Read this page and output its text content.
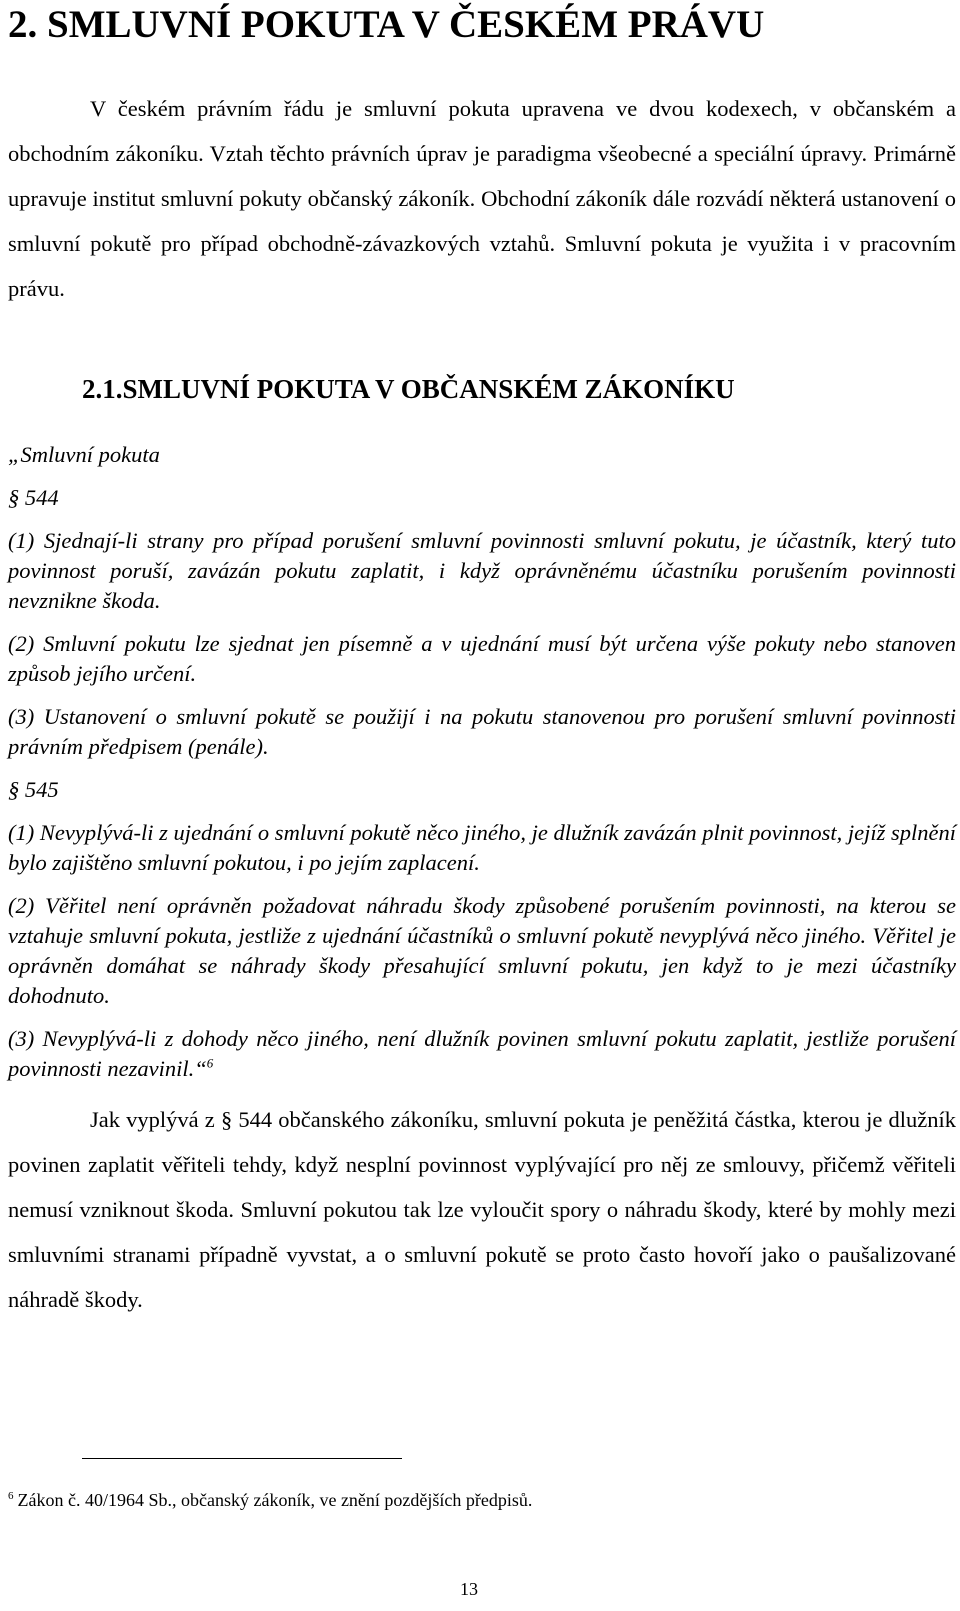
2. SMLUVNÍ POKUTA V ČESKÉM PRÁVU
V českém právním řádu je smluvní pokuta upravena ve dvou kodexech, v občanském a obchodním zákoníku. Vztah těchto právních úprav je paradigma všeobecné a speciální úpravy. Primárně upravuje institut smluvní pokuty občanský zákoník. Obchodní zákoník dále rozvádí některá ustanovení o smluvní pokutě pro případ obchodně-závazkových vztahů. Smluvní pokuta je využita i v pracovním právu.
2.1.SMLUVNÍ POKUTA V OBČANSKÉM ZÁKONÍKU

„Smluvní pokuta

§ 544

(1) Sjednají-li strany pro případ porušení smluvní povinnosti smluvní pokutu, je účastník, který tuto povinnost poruší, zavázán pokutu zaplatit, i když oprávněnému účastníku porušením povinnosti nevznikne škoda.

(2) Smluvní pokutu lze sjednat jen písemně a v ujednání musí být určena výše pokuty nebo stanoven způsob jejího určení.

(3) Ustanovení o smluvní pokutě se použijí i na pokutu stanovenou pro porušení smluvní povinnosti právním předpisem (penále).

§ 545

(1) Nevyplývá-li z ujednání o smluvní pokutě něco jiného, je dlužník zavázán plnit povinnost, jejíž splnění bylo zajištěno smluvní pokutou, i po jejím zaplacení.

(2) Věřitel není oprávněn požadovat náhradu škody způsobené porušením povinnosti, na kterou se vztahuje smluvní pokuta, jestliže z ujednání účastníků o smluvní pokutě nevyplývá něco jiného. Věřitel je oprávněn domáhat se náhrady škody přesahující smluvní pokutu, jen když to je mezi účastníky dohodnuto.

(3) Nevyplývá-li z dohody něco jiného, není dlužník povinen smluvní pokutu zaplatit, jestliže porušení povinnosti nezavinil.“$^6$

Jak vyplývá z § 544 občanského zákoníku, smluvní pokuta je peněžitá částka, kterou je dlužník povinen zaplatit věřiteli tehdy, když nesplní povinnost vyplývající pro něj ze smlouvy, přičemž věřiteli nemusí vzniknout škoda. Smluvní pokutou tak lze vyloučit spory o náhradu škody, které by mohly mezi smluvními stranami případně vyvstat, a o smluvní pokutě se proto často hovoří jako o paušalizované náhradě škody.
$^6$ Zákon č. 40/1964 Sb., občanský zákoník, ve znění pozdějších předpisů.
13
